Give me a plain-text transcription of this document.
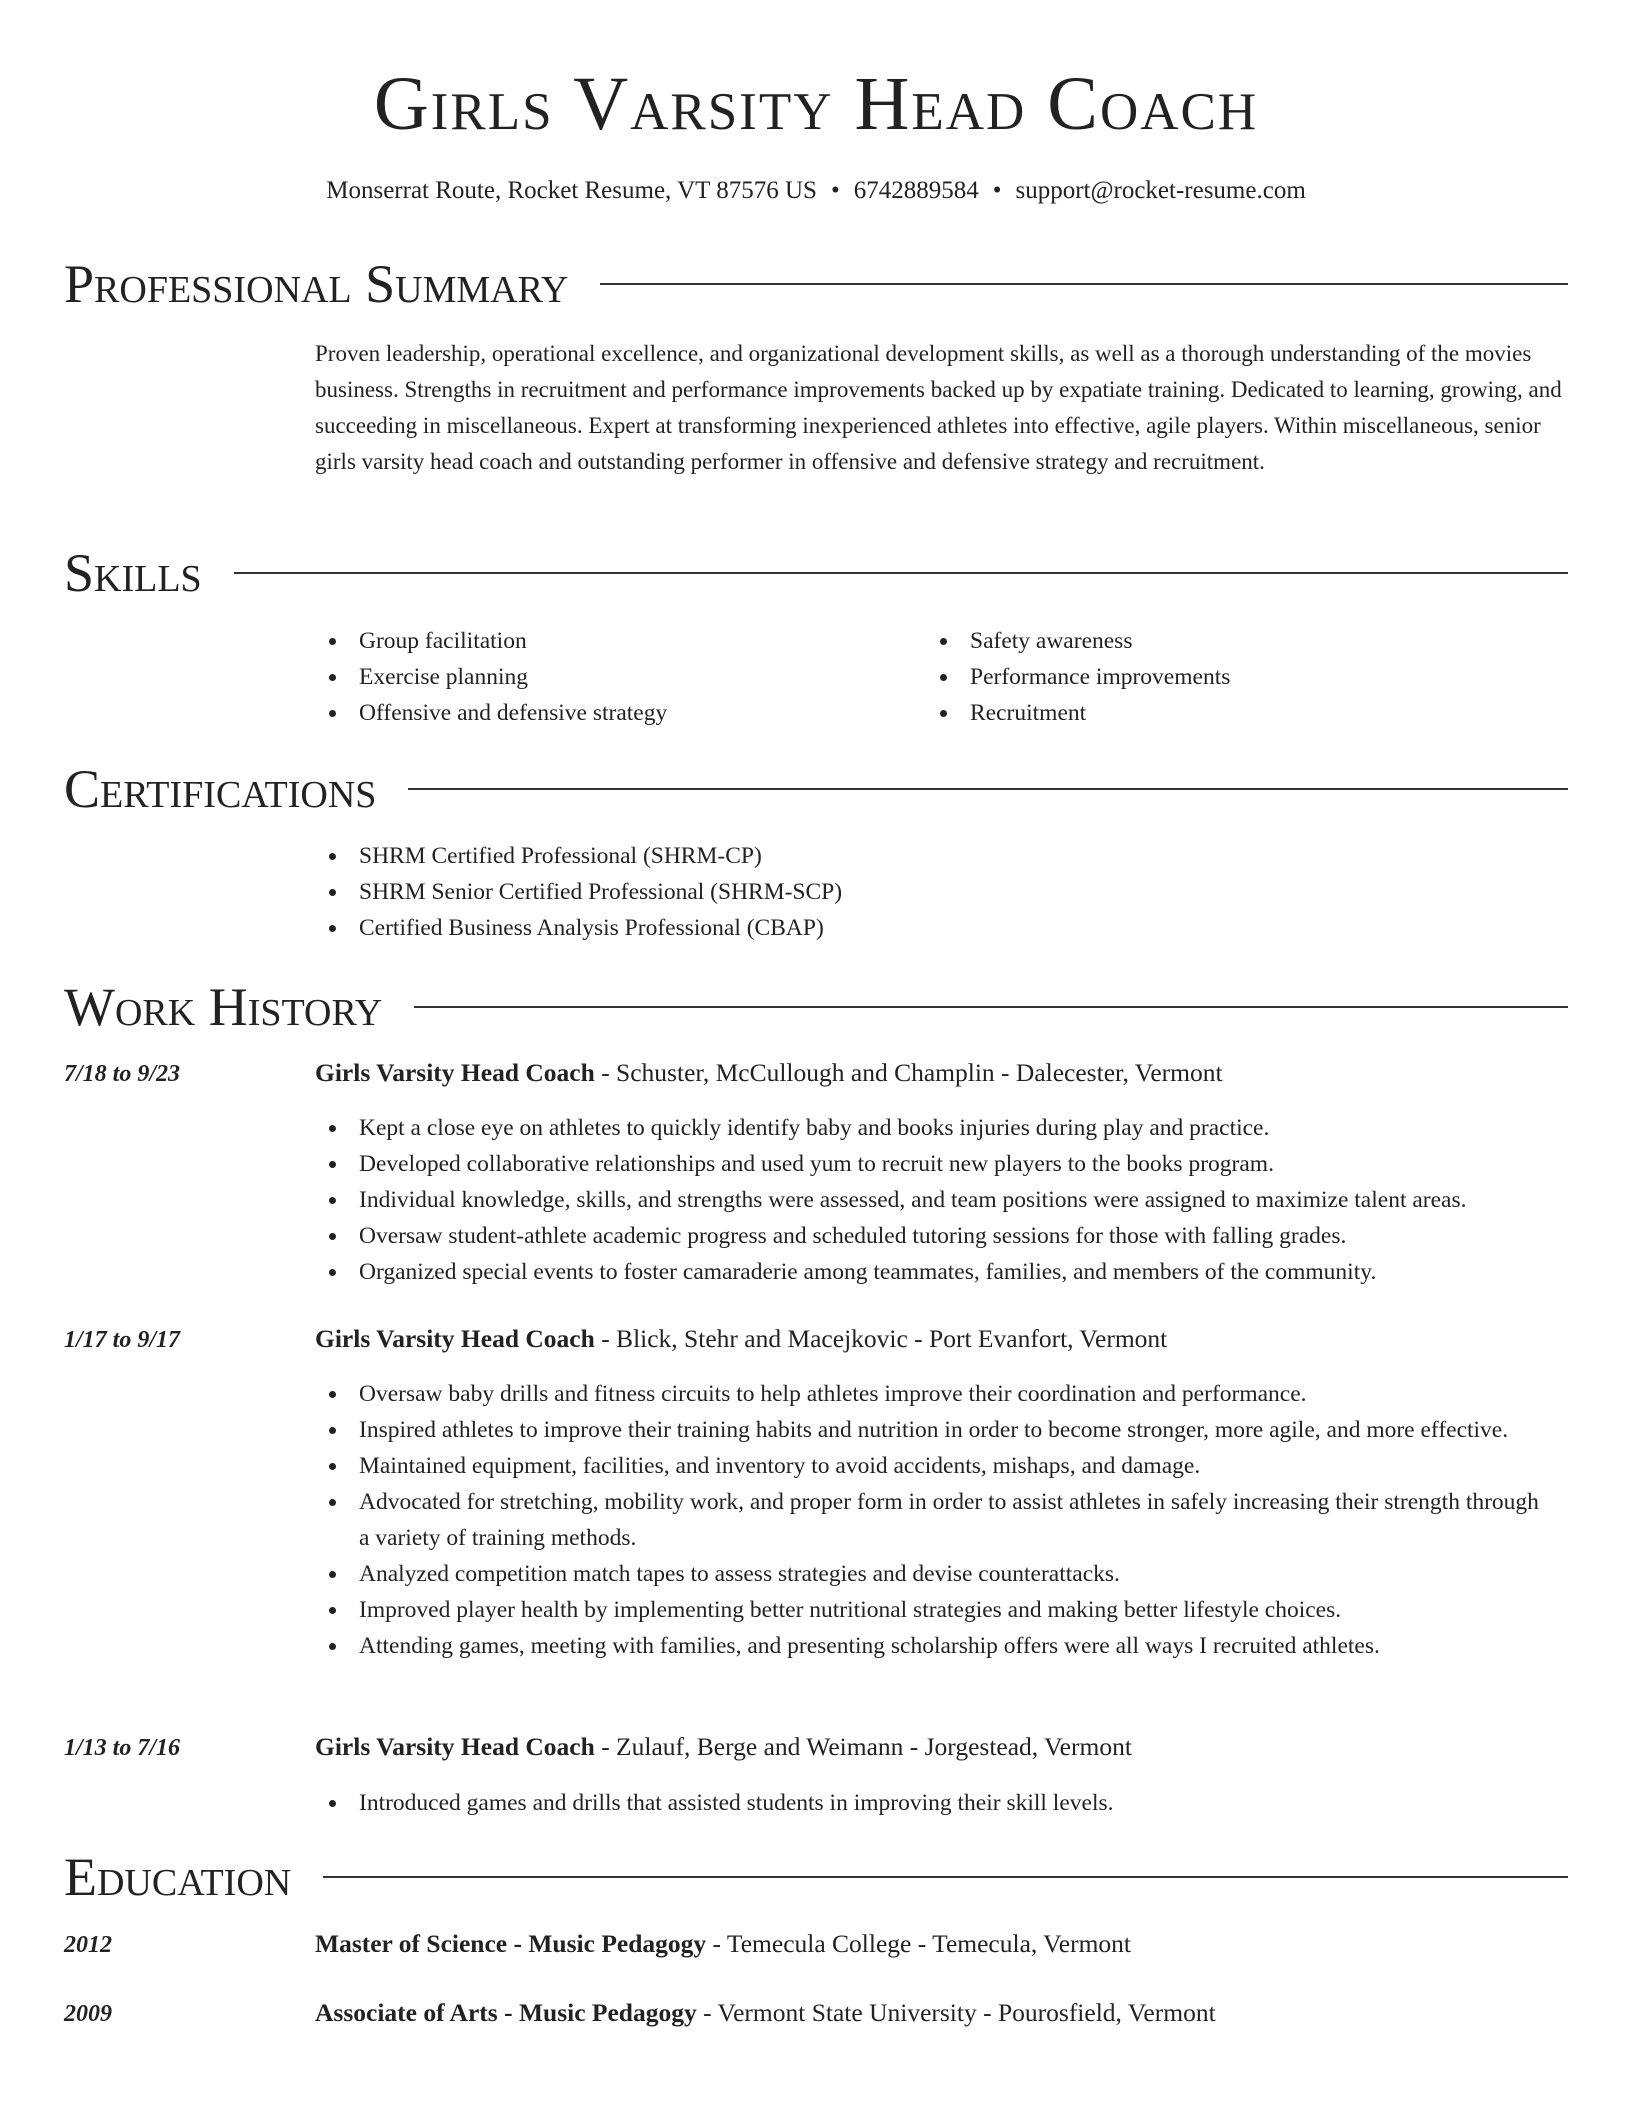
Girls Varsity Head Coach
Monserrat Route, Rocket Resume, VT 87576 US • 6742889584 • support@rocket-resume.com
Professional Summary
Proven leadership, operational excellence, and organizational development skills, as well as a thorough understanding of the movies business. Strengths in recruitment and performance improvements backed up by expatiate training. Dedicated to learning, growing, and succeeding in miscellaneous. Expert at transforming inexperienced athletes into effective, agile players. Within miscellaneous, senior girls varsity head coach and outstanding performer in offensive and defensive strategy and recruitment.
Skills
Group facilitation
Exercise planning
Offensive and defensive strategy
Safety awareness
Performance improvements
Recruitment
Certifications
SHRM Certified Professional (SHRM-CP)
SHRM Senior Certified Professional (SHRM-SCP)
Certified Business Analysis Professional (CBAP)
Work History
7/18 to 9/23	Girls Varsity Head Coach - Schuster, McCullough and Champlin - Dalecester, Vermont
Kept a close eye on athletes to quickly identify baby and books injuries during play and practice.
Developed collaborative relationships and used yum to recruit new players to the books program.
Individual knowledge, skills, and strengths were assessed, and team positions were assigned to maximize talent areas.
Oversaw student-athlete academic progress and scheduled tutoring sessions for those with falling grades.
Organized special events to foster camaraderie among teammates, families, and members of the community.
1/17 to 9/17	Girls Varsity Head Coach - Blick, Stehr and Macejkovic - Port Evanfort, Vermont
Oversaw baby drills and fitness circuits to help athletes improve their coordination and performance.
Inspired athletes to improve their training habits and nutrition in order to become stronger, more agile, and more effective.
Maintained equipment, facilities, and inventory to avoid accidents, mishaps, and damage.
Advocated for stretching, mobility work, and proper form in order to assist athletes in safely increasing their strength through a variety of training methods.
Analyzed competition match tapes to assess strategies and devise counterattacks.
Improved player health by implementing better nutritional strategies and making better lifestyle choices.
Attending games, meeting with families, and presenting scholarship offers were all ways I recruited athletes.
1/13 to 7/16	Girls Varsity Head Coach - Zulauf, Berge and Weimann - Jorgestead, Vermont
Introduced games and drills that assisted students in improving their skill levels.
Education
2012	Master of Science - Music Pedagogy - Temecula College - Temecula, Vermont
2009	Associate of Arts - Music Pedagogy - Vermont State University - Pourosfield, Vermont
